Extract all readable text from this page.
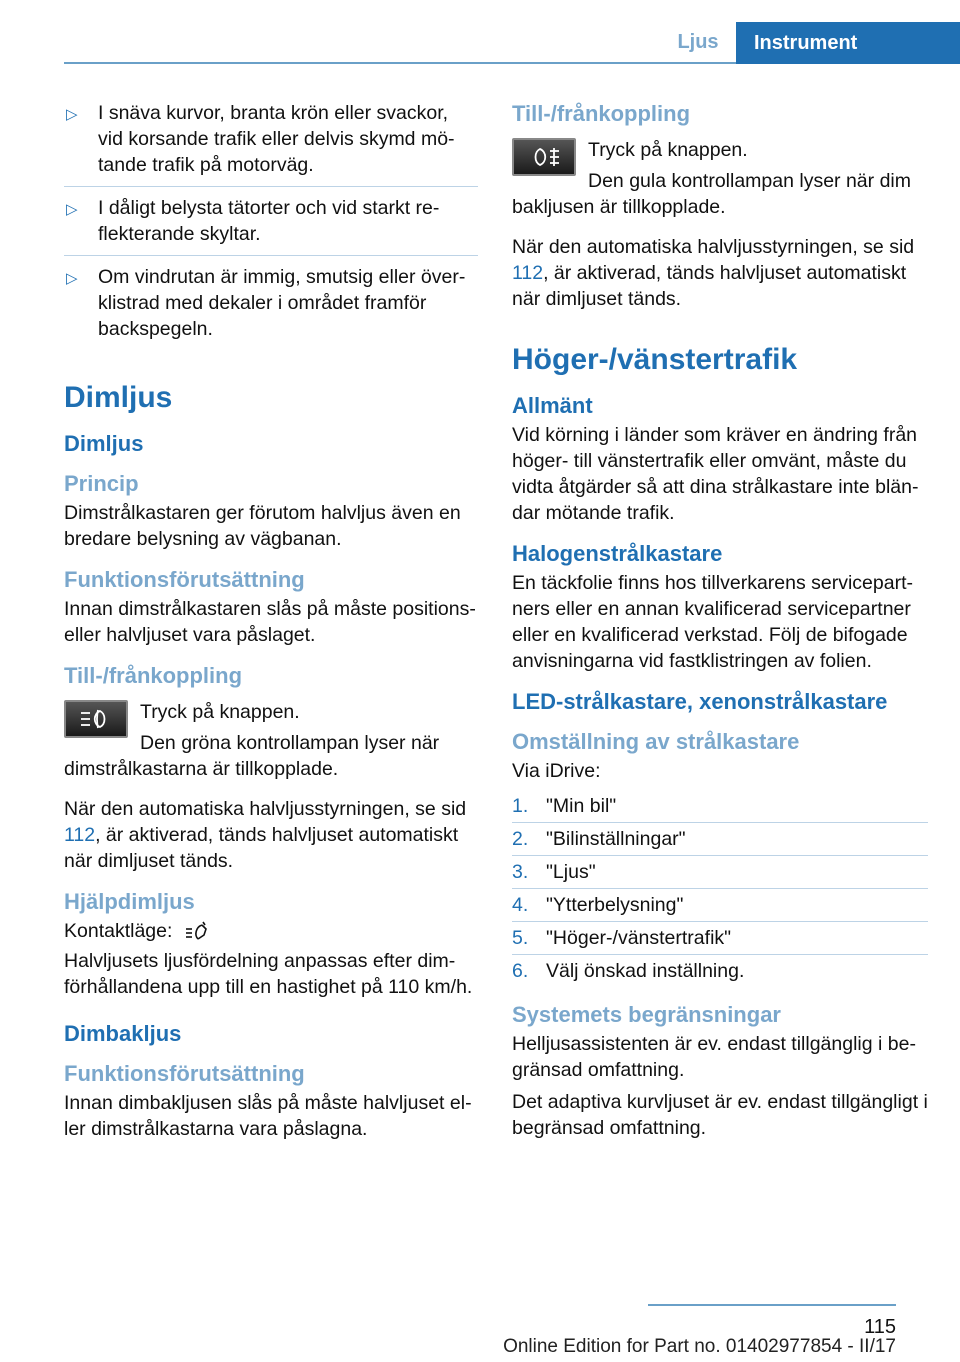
Ljus	Instrument
▷ I snäva kurvor, branta krön eller svackor, vid korsande trafik eller delvis skymd mötande trafik på motorväg.
▷ I dåligt belysta tätorter och vid starkt reflekterande skyltar.
▷ Om vindrutan är immig, smutsig eller överklistrad med dekaler i området framför backspegeln.
Dimljus
Dimljus
Princip

Dimstrålkastaren ger förutom halvljus även en bredare belysning av vägbanan.

Funktionsförutsättning

Innan dimstrålkastaren slås på måste positions- eller halvljuset vara påslaget.

Till-/frånkoppling
Tryck på knappen.
Den gröna kontrollampan lyser när

dimstrålkastarna är tillkopplade.

När den automatiska halvljusstyrningen, se sid 112, är aktiverad, tänds halvljuset automatiskt när dimljuset tänds.

Hjälpdimljus

Kontaktläge:

Halvljusets ljusfördelning anpassas efter dimförhållandena upp till en hastighet på 110 km/h.

Dimbakljus
Funktionsförutsättning

Innan dimbakljusen slås på måste halvljuset eller dimstrålkastarna vara påslagna.

Till-/frånkoppling
Tryck på knappen.
Den gula kontrollampan lyser när dim

bakljusen är tillkopplade.

När den automatiska halvljusstyrningen, se sid 112, är aktiverad, tänds halvljuset automatiskt när dimljuset tänds.

Höger-/vänstertrafik
Allmänt

Vid körning i länder som kräver en ändring från höger- till vänstertrafik eller omvänt, måste du vidta åtgärder så att dina strålkastare inte bländar mötande trafik.

Halogenstrålkastare

En täckfolie finns hos tillverkarens servicepartners eller en annan kvalificerad servicepartner eller en kvalificerad verkstad. Följ de bifogade anvisningarna vid fastklistringen av folien.

LED-strålkastare, xenonstrålkastare
Omställning av strålkastare

Via iDrive:

1. "Min bil"
2. "Bilinställningar"
3. "Ljus"
4. "Ytterbelysning"
5. "Höger-/vänstertrafik"
6. Välj önskad inställning.
Systemets begränsningar

Helljusassistenten är ev. endast tillgänglig i begränsad omfattning.

Det adaptiva kurvljuset är ev. endast tillgängligt i begränsad omfattning.

115
Online Edition for Part no. 01402977854 - II/17
